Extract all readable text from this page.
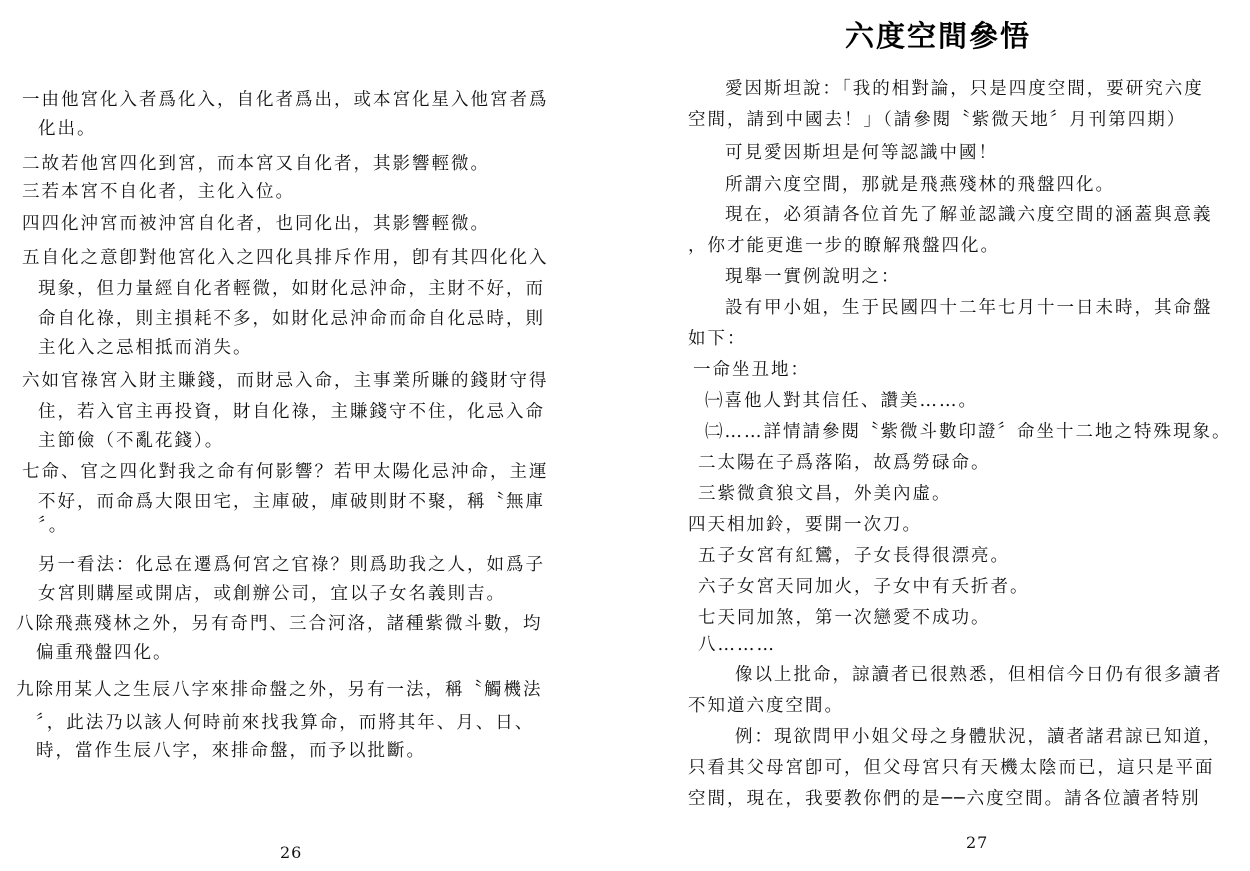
一由他宮化入者爲化入，自化者爲出，或本宮化星入他宮者爲
化出。
二故若他宮四化到宮，而本宮又自化者，其影響輕微。
三若本宮不自化者，主化入位。
四四化沖宮而被沖宮自化者，也同化出，其影響輕微。
五自化之意卽對他宮化入之四化具排斥作用，卽有其四化化入
現象，但力量經自化者輕微，如財化忌沖命，主財不好，而
命自化祿，則主損耗不多，如財化忌沖命而命自化忌時，則
主化入之忌相抵而消失。
六如官祿宮入財主賺錢，而財忌入命，主事業所賺的錢財守得
住，若入官主再投資，財自化祿，主賺錢守不住，化忌入命
主節儉（不亂花錢）。
七命、官之四化對我之命有何影響？若甲太陽化忌沖命，主運
不好，而命爲大限田宅，主庫破，庫破則財不聚，稱〝無庫
〞。
另一看法：化忌在遷爲何宮之官祿？則爲助我之人，如爲子
女宮則購屋或開店，或創辦公司，宜以子女名義則吉。
八除飛燕殘林之外，另有奇門、三合河洛，諸種紫微斗數，均
偏重飛盤四化。
九除用某人之生辰八字來排命盤之外，另有一法，稱〝觸機法
〞，此法乃以該人何時前來找我算命，而將其年、月、日、
時，當作生辰八字，來排命盤，而予以批斷。
26
六度空間參悟
愛因斯坦說：「我的相對論，只是四度空間，要研究六度
空間，請到中國去！」（請參閱〝紫微天地〞月刊第四期）
可見愛因斯坦是何等認識中國！
所謂六度空間，那就是飛燕殘林的飛盤四化。
現在，必須請各位首先了解並認識六度空間的涵蓋與意義
，你才能更進一步的瞭解飛盤四化。
現舉一實例說明之：
設有甲小姐，生于民國四十二年七月十一日未時，其命盤
如下：
一命坐丑地：
㈠喜他人對其信任、讚美……。
㈡……詳情請參閱〝紫微斗數印證〞命坐十二地之特殊現象。
二太陽在子爲落陷，故爲勞碌命。
三紫微貪狼文昌，外美內虛。
四天相加鈴，要開一次刀。
五子女宮有紅鸞，子女長得很漂亮。
六子女宮天同加火，子女中有夭折者。
七天同加煞，第一次戀愛不成功。
八………
像以上批命，諒讀者已很熟悉，但相信今日仍有很多讀者
不知道六度空間。
例：現欲問甲小姐父母之身體狀況，讀者諸君諒已知道，
只看其父母宮卽可，但父母宮只有天機太陰而已，這只是平面
空間，現在，我要教你們的是──六度空間。請各位讀者特別
27
